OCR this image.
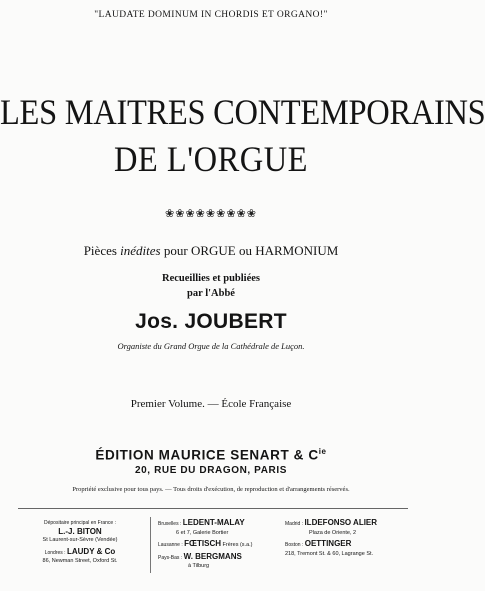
"LAUDATE DOMINUM IN CHORDIS ET ORGANO!"
LES MAITRES CONTEMPORAINS
DE L'ORGUE
❀❀❀❀❀❀❀❀❀
Pièces inédites pour ORGUE ou HARMONIUM
Recueillies et publiées
par l'Abbé
Jos. JOUBERT
Organiste du Grand Orgue de la Cathédrale de Luçon.
Premier Volume. — École Française
ÉDITION MAURICE SENART & $C^{ie}$
20, RUE DU DRAGON, PARIS
Propriété exclusive pour tous pays. — Tous droits d'exécution, de reproduction et d'arrangements réservés.
Dépositaire principal en France :
L.-J. BITON
St Laurent-sur-Sèvre (Vendée)
Londres : LAUDY & Co
86, Newman Street, Oxford St.
Bruxelles : LEDENT-MALAY
6 et 7, Galerie Bortier
Lausanne : FŒTISCH Frères (s.a.)
Pays-Bas : W. BERGMANS
à Tilburg
Madrid : ILDEFONSO ALIER
Plaza de Oriente, 2
Boston : OETTINGER
218, Tremont St. & 60, Lagrange St.
